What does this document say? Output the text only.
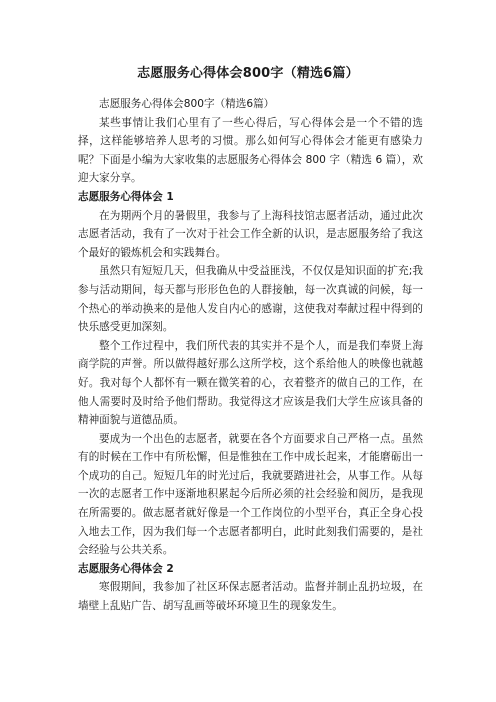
志愿服务心得体会800字（精选6篇）

志愿服务心得体会800字（精选6篇）

某些事情让我们心里有了一些心得后，写心得体会是一个不错的选择，这样能够培养人思考的习惯。那么如何写心得体会才能更有感染力呢？下面是小编为大家收集的志愿服务心得体会 800 字（精选 6 篇），欢迎大家分享。

志愿服务心得体会 1

在为期两个月的暑假里，我参与了上海科技馆志愿者活动，通过此次志愿者活动，我有了一次对于社会工作全新的认识，是志愿服务给了我这个最好的锻炼机会和实践舞台。

虽然只有短短几天，但我确从中受益匪浅，不仅仅是知识面的扩充;我参与活动期间，每天都与形形色色的人群接触，每一次真诚的问候，每一个热心的举动换来的是他人发自内心的感谢，这使我对奉献过程中得到的快乐感受更加深刻。

整个工作过程中，我们所代表的其实并不是个人，而是我们奉贤上海商学院的声誉。所以做得越好那么这所学校，这个系给他人的映像也就越好。我对每个人都怀有一颗在微笑着的心，衣着整齐的做自己的工作，在他人需要时及时给予他们帮助。我觉得这才应该是我们大学生应该具备的精神面貌与道德品质。

要成为一个出色的志愿者，就要在各个方面要求自己严格一点。虽然有的时候在工作中有所松懈，但是惟独在工作中成长起来，才能磨砺出一个成功的自己。短短几年的时光过后，我就要踏进社会，从事工作。从每一次的志愿者工作中逐渐地积累起今后所必须的社会经验和阅历，是我现在所需要的。做志愿者就好像是一个工作岗位的小型平台，真正全身心投入地去工作，因为我们每一个志愿者都明白，此时此刻我们需要的，是社会经验与公共关系。

志愿服务心得体会 2

寒假期间，我参加了社区环保志愿者活动。监督并制止乱扔垃圾，在墙壁上乱贴广告、胡写乱画等破坏环境卫生的现象发生。
